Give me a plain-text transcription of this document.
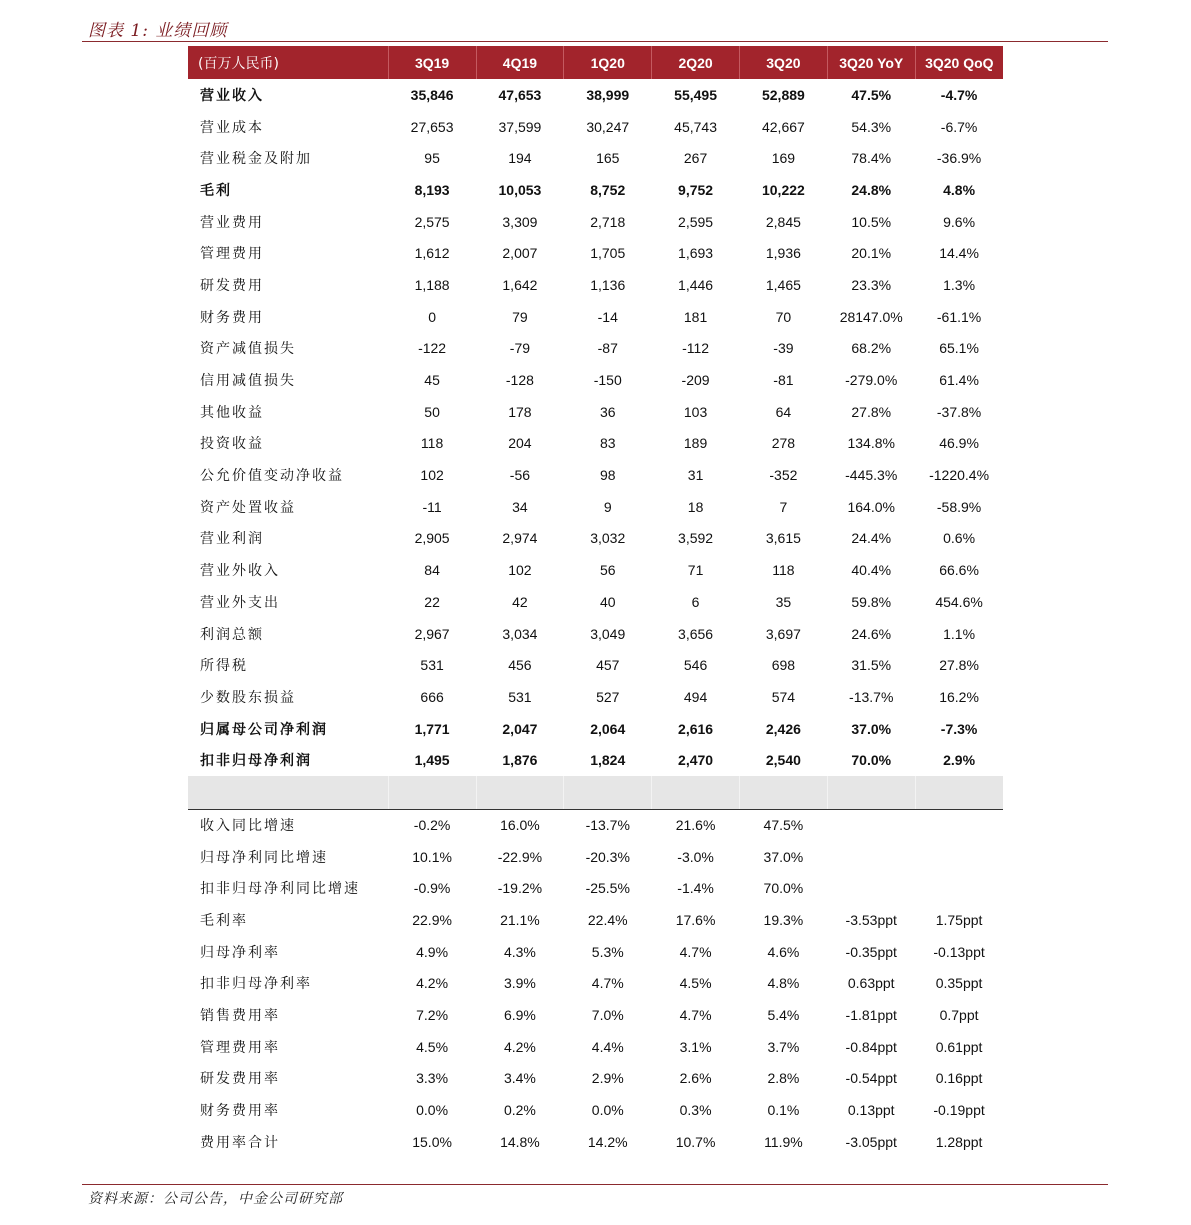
图表 1: 业绩回顾
(百万人民币)	3Q19	4Q19	1Q20	2Q20	3Q20	3Q20 YoY	3Q20 QoQ
营业收入	35,846	47,653	38,999	55,495	52,889	47.5%	-4.7%
营业成本	27,653	37,599	30,247	45,743	42,667	54.3%	-6.7%
营业税金及附加	95	194	165	267	169	78.4%	-36.9%
毛利	8,193	10,053	8,752	9,752	10,222	24.8%	4.8%
营业费用	2,575	3,309	2,718	2,595	2,845	10.5%	9.6%
管理费用	1,612	2,007	1,705	1,693	1,936	20.1%	14.4%
研发费用	1,188	1,642	1,136	1,446	1,465	23.3%	1.3%
财务费用	0	79	-14	181	70	28147.0%	-61.1%
资产减值损失	-122	-79	-87	-112	-39	68.2%	65.1%
信用减值损失	45	-128	-150	-209	-81	-279.0%	61.4%
其他收益	50	178	36	103	64	27.8%	-37.8%
投资收益	118	204	83	189	278	134.8%	46.9%
公允价值变动净收益	102	-56	98	31	-352	-445.3%	-1220.4%
资产处置收益	-11	34	9	18	7	164.0%	-58.9%
营业利润	2,905	2,974	3,032	3,592	3,615	24.4%	0.6%
营业外收入	84	102	56	71	118	40.4%	66.6%
营业外支出	22	42	40	6	35	59.8%	454.6%
利润总额	2,967	3,034	3,049	3,656	3,697	24.6%	1.1%
所得税	531	456	457	546	698	31.5%	27.8%
少数股东损益	666	531	527	494	574	-13.7%	16.2%
归属母公司净利润	1,771	2,047	2,064	2,616	2,426	37.0%	-7.3%
扣非归母净利润	1,495	1,876	1,824	2,470	2,540	70.0%	2.9%

收入同比增速	-0.2%	16.0%	-13.7%	21.6%	47.5%		
归母净利同比增速	10.1%	-22.9%	-20.3%	-3.0%	37.0%		
扣非归母净利同比增速	-0.9%	-19.2%	-25.5%	-1.4%	70.0%		
毛利率	22.9%	21.1%	22.4%	17.6%	19.3%	-3.53ppt	1.75ppt
归母净利率	4.9%	4.3%	5.3%	4.7%	4.6%	-0.35ppt	-0.13ppt
扣非归母净利率	4.2%	3.9%	4.7%	4.5%	4.8%	0.63ppt	0.35ppt
销售费用率	7.2%	6.9%	7.0%	4.7%	5.4%	-1.81ppt	0.7ppt
管理费用率	4.5%	4.2%	4.4%	3.1%	3.7%	-0.84ppt	0.61ppt
研发费用率	3.3%	3.4%	2.9%	2.6%	2.8%	-0.54ppt	0.16ppt
财务费用率	0.0%	0.2%	0.0%	0.3%	0.1%	0.13ppt	-0.19ppt
费用率合计	15.0%	14.8%	14.2%	10.7%	11.9%	-3.05ppt	1.28ppt
资料来源：公司公告，中金公司研究部
